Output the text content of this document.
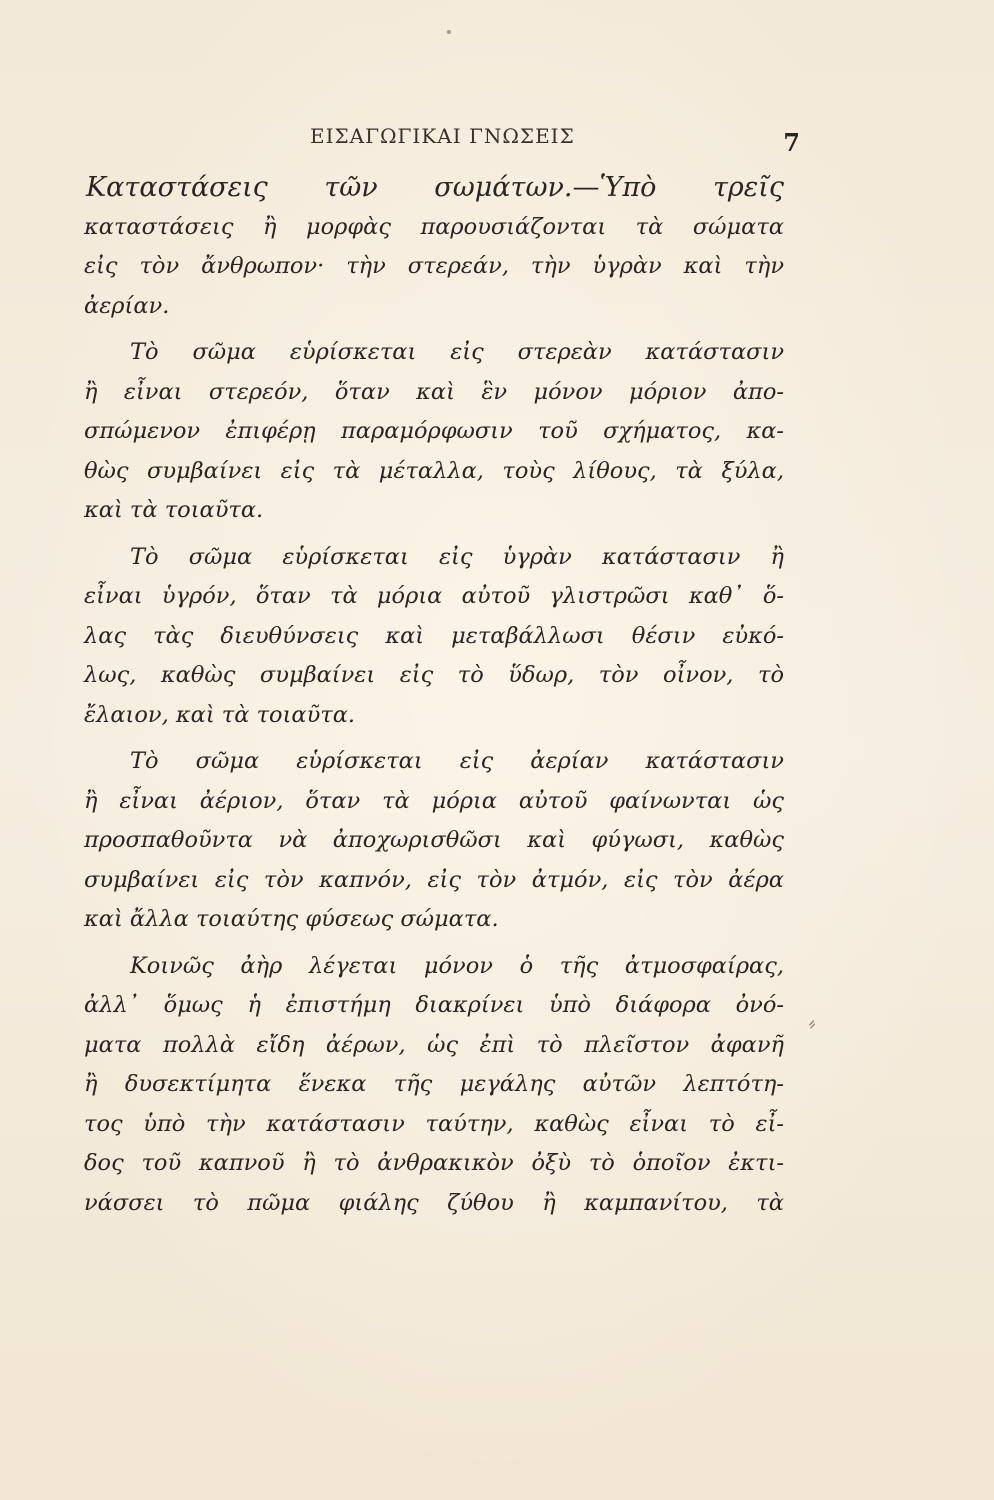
ΕΙΣΑΓΩΓΙΚΑΙ ΓΝΩΣΕΙΣ	7
Καταστάσεις τῶν σωμάτων.—Ὑπὸ τρεῖς
καταστάσεις ἢ μορφὰς παρουσιάζονται τὰ σώματα
εἰς τὸν ἄνθρωπον· τὴν στερεάν, τὴν ὑγρὰν καὶ τὴν
ἀερίαν.
Τὸ σῶμα εὑρίσκεται εἰς στερεὰν κατάστασιν
ἢ εἶναι στερεόν, ὅταν καὶ ἓν μόνον μόριον ἀπο-
σπώμενον ἐπιφέρῃ παραμόρφωσιν τοῦ σχήματος, κα-
θὼς συμβαίνει εἰς τὰ μέταλλα, τοὺς λίθους, τὰ ξύλα,
καὶ τὰ τοιαῦτα.
Τὸ σῶμα εὑρίσκεται εἰς ὑγρὰν κατάστασιν ἢ
εἶναι ὑγρόν, ὅταν τὰ μόρια αὐτοῦ γλιστρῶσι καθ᾽ ὅ-
λας τὰς διευθύνσεις καὶ μεταβάλλωσι θέσιν εὐκό-
λως, καθὼς συμβαίνει εἰς τὸ ὕδωρ, τὸν οἶνον, τὸ
ἔλαιον, καὶ τὰ τοιαῦτα.
Τὸ σῶμα εὑρίσκεται εἰς ἀερίαν κατάστασιν
ἢ εἶναι ἀέριον, ὅταν τὰ μόρια αὐτοῦ φαίνωνται ὡς
προσπαθοῦντα νὰ ἀποχωρισθῶσι καὶ φύγωσι, καθὼς
συμβαίνει εἰς τὸν καπνόν, εἰς τὸν ἀτμόν, εἰς τὸν ἀέρα
καὶ ἄλλα τοιαύτης φύσεως σώματα.
Κοινῶς ἀὴρ λέγεται μόνον ὁ τῆς ἀτμοσφαίρας,
ἀλλ᾽ ὅμως ἡ ἐπιστήμη διακρίνει ὑπὸ διάφορα ὀνό-
ματα πολλὰ εἴδη ἀέρων, ὡς ἐπὶ τὸ πλεῖστον ἀφανῆ
ἢ δυσεκτίμητα ἕνεκα τῆς μεγάλης αὐτῶν λεπτότη-
τος ὑπὸ τὴν κατάστασιν ταύτην, καθὼς εἶναι τὸ εἶ-
δος τοῦ καπνοῦ ἢ τὸ ἀνθρακικὸν ὀξὺ τὸ ὁποῖον ἐκτι-
νάσσει τὸ πῶμα φιάλης ζύθου ἢ καμπανίτου, τὰ
⸗
